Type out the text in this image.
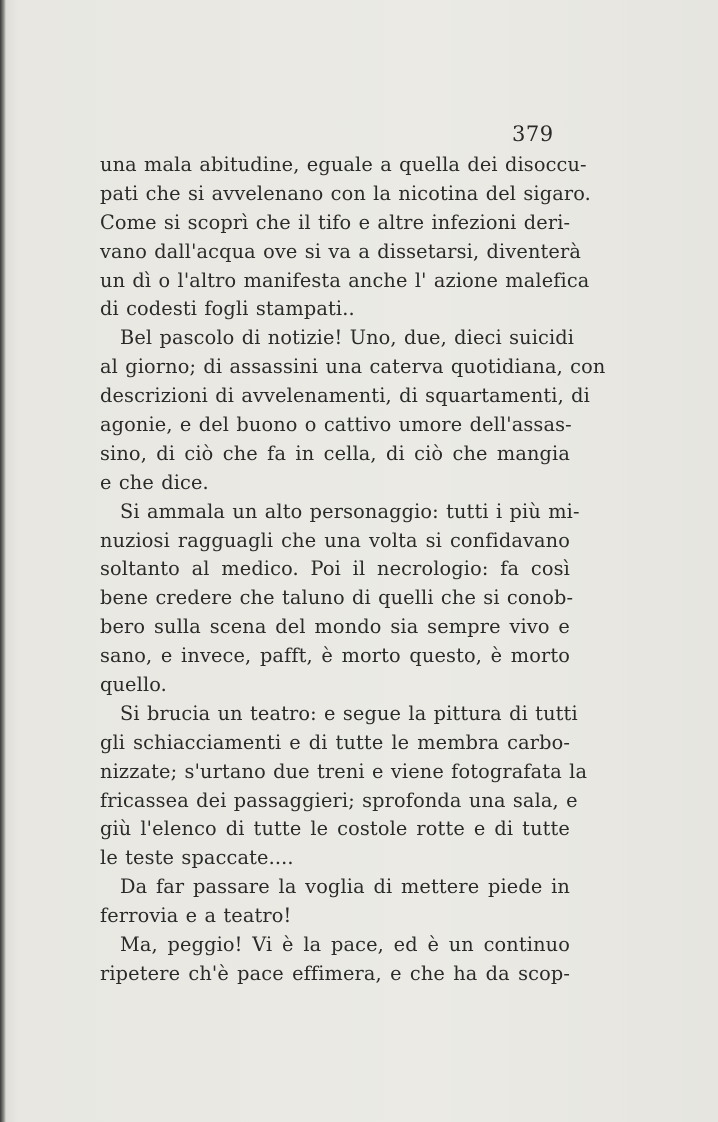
379
una mala abitudine, eguale a quella dei disoccu-
pati che si avvelenano con la nicotina del sigaro.
Come si scoprì che il tifo e altre infezioni deri-
vano dall'acqua ove si va a dissetarsi, diventerà
un dì o l'altro manifesta anche l' azione malefica
di codesti fogli stampati..
Bel pascolo di notizie! Uno, due, dieci suicidi
al giorno; di assassini una caterva quotidiana, con
descrizioni di avvelenamenti, di squartamenti, di
agonie, e del buono o cattivo umore dell'assas-
sino, di ciò che fa in cella, di ciò che mangia
e che dice.
Si ammala un alto personaggio: tutti i più mi-
nuziosi ragguagli che una volta si confidavano
soltanto al medico. Poi il necrologio: fa così
bene credere che taluno di quelli che si conob-
bero sulla scena del mondo sia sempre vivo e
sano, e invece, pafft, è morto questo, è morto
quello.
Si brucia un teatro: e segue la pittura di tutti
gli schiacciamenti e di tutte le membra carbo-
nizzate; s'urtano due treni e viene fotografata la
fricassea dei passaggieri; sprofonda una sala, e
giù l'elenco di tutte le costole rotte e di tutte
le teste spaccate....
Da far passare la voglia di mettere piede in
ferrovia e a teatro!
Ma, peggio! Vi è la pace, ed è un continuo
ripetere ch'è pace effimera, e che ha da scop-
